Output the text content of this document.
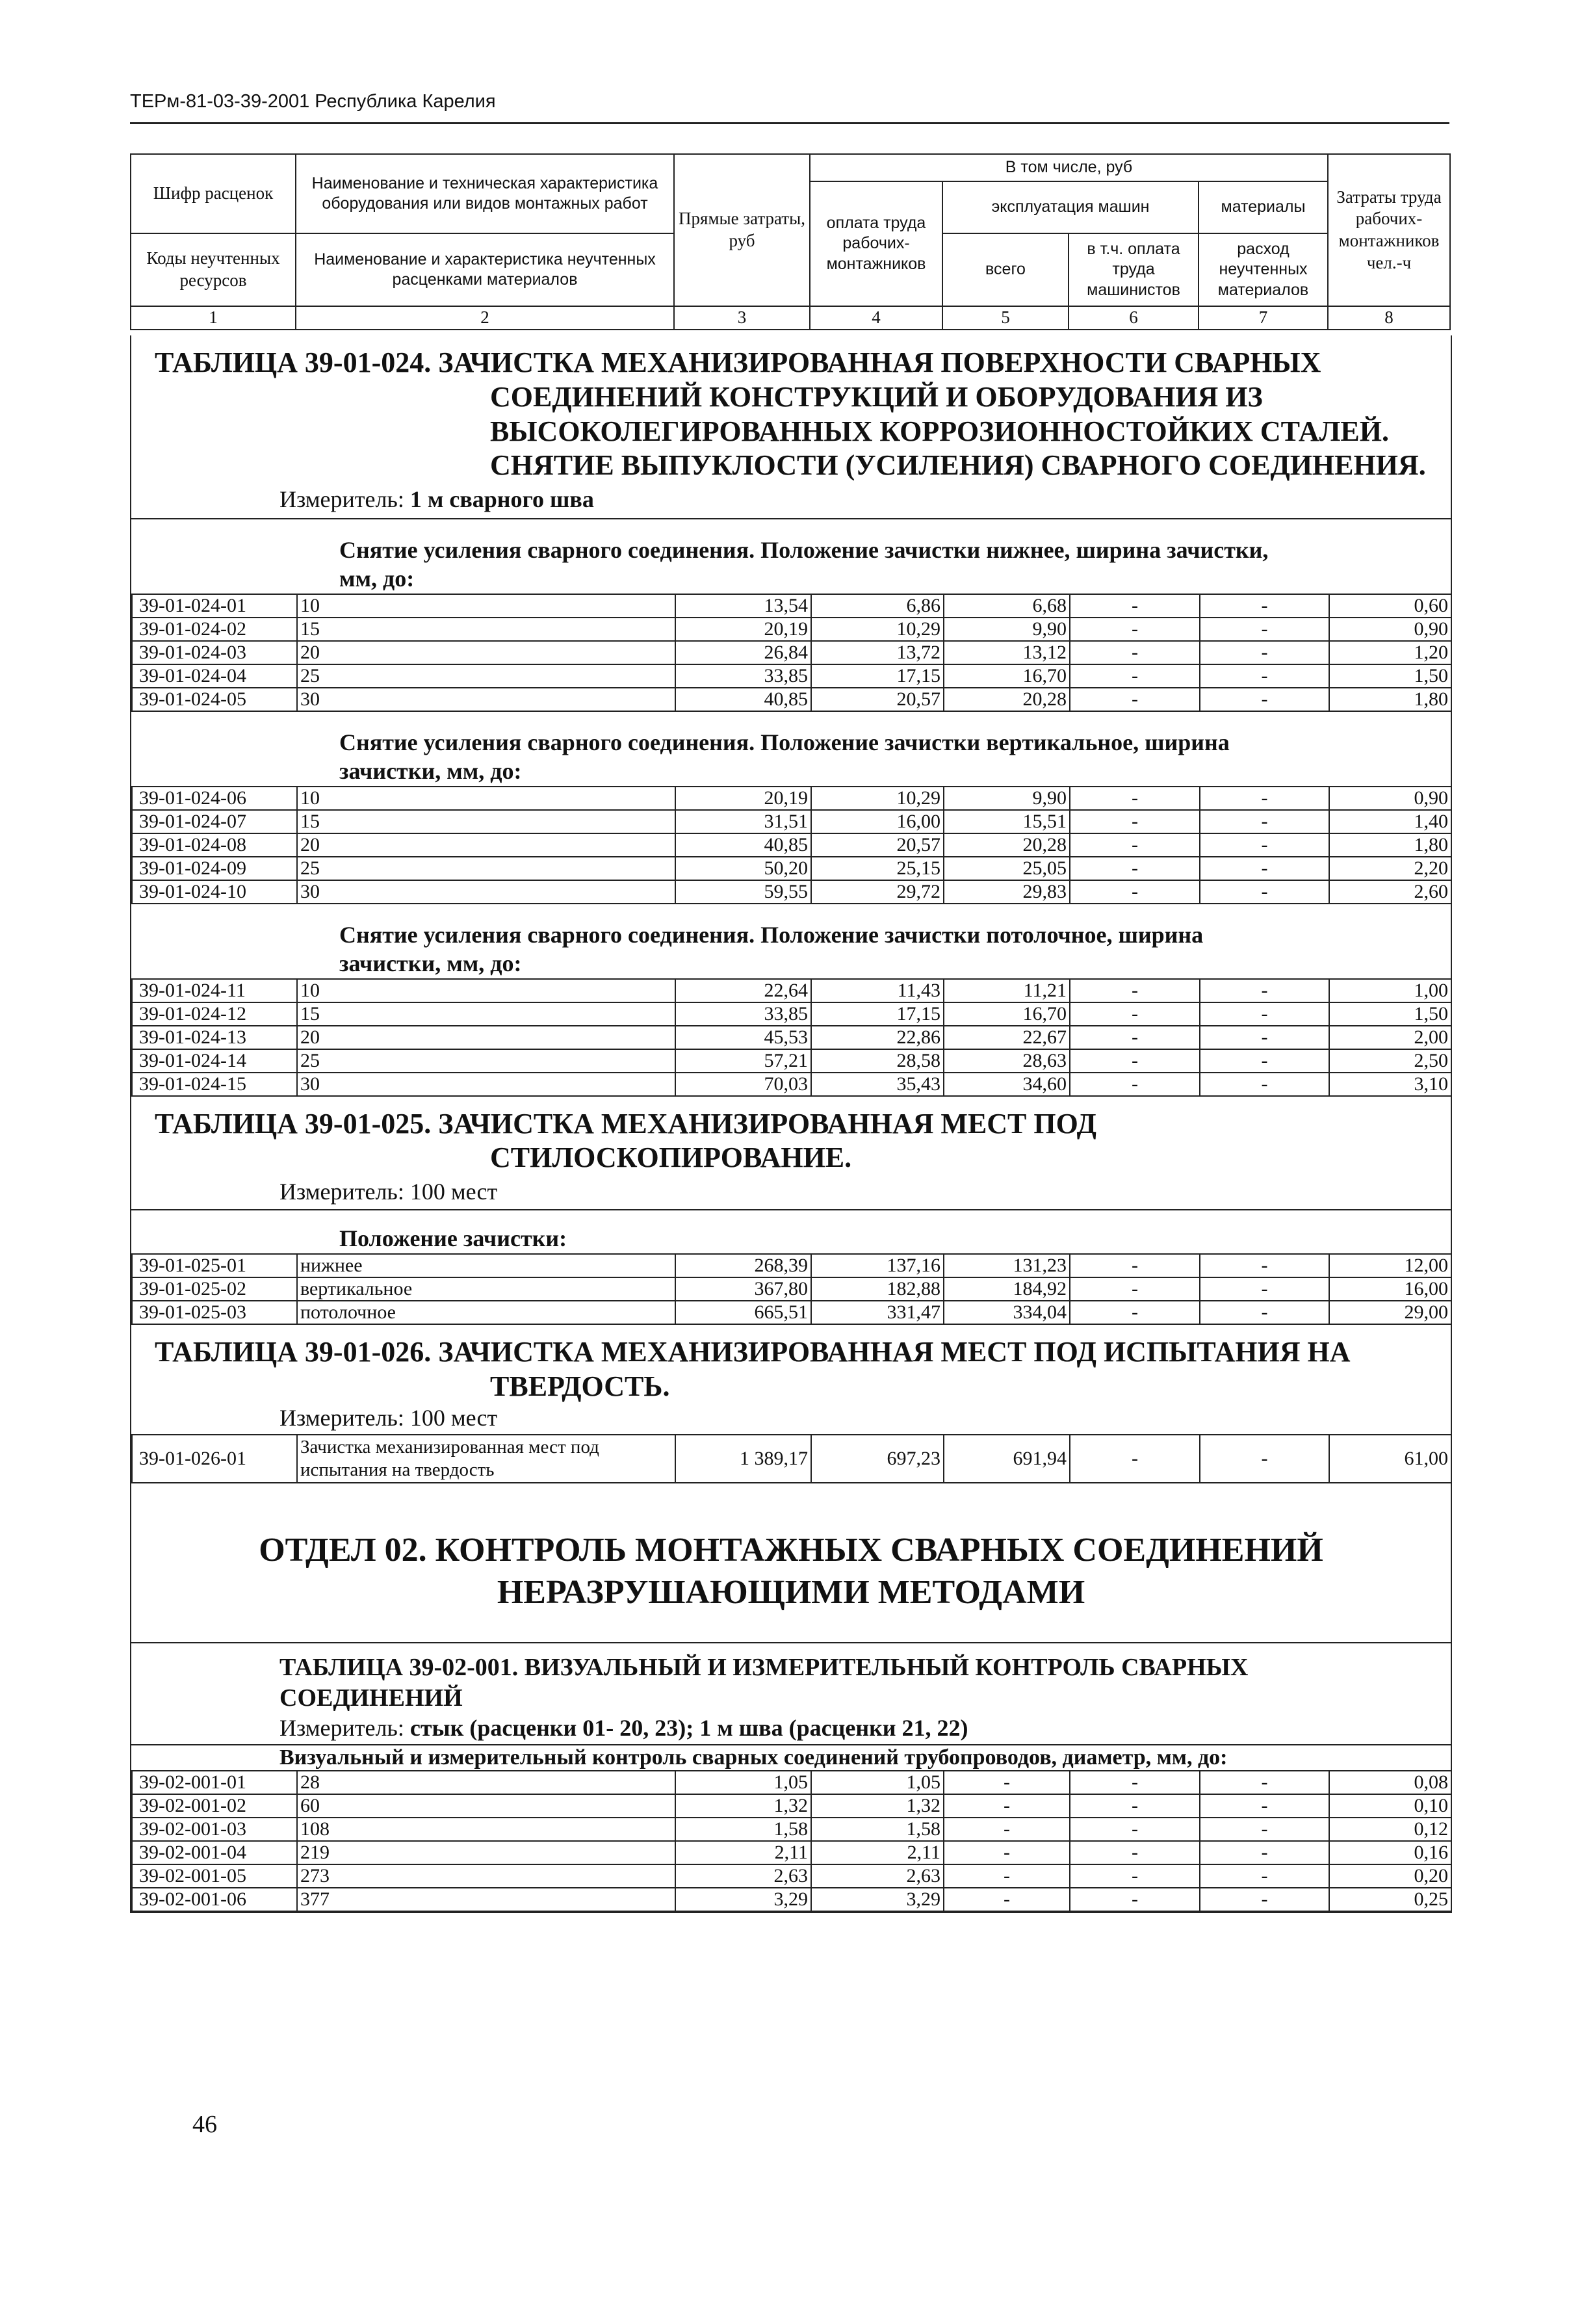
ТЕРм-81-03-39-2001 Республика Карелия
Шифр расценок	Наименование и техническая характеристика оборудования или видов монтажных работ	Прямые затраты, руб	В том числе, руб				Затраты труда рабочих-монтажников чел.-ч
			оплата труда рабочих-монтажников	эксплуатация машин		материалы	
Коды неучтенных ресурсов	Наименование и характеристика неучтенных расценками материалов			всего	в т.ч. оплата труда машинистов	расход неучтенных материалов	

1	2	3	4	5	6	7	8
ТАБЛИЦА 39-01-024. ЗАЧИСТКА МЕХАНИЗИРОВАННАЯ ПОВЕРХНОСТИ СВАРНЫХ
СОЕДИНЕНИЙ КОНСТРУКЦИЙ И ОБОРУДОВАНИЯ ИЗ
ВЫСОКОЛЕГИРОВАННЫХ КОРРОЗИОННОСТОЙКИХ СТАЛЕЙ.
СНЯТИЕ ВЫПУКЛОСТИ (УСИЛЕНИЯ) СВАРНОГО СОЕДИНЕНИЯ.
Измеритель: 1 м сварного шва
Снятие усиления сварного соединения. Положение зачистки нижнее, ширина зачистки,
мм, до:
39-01-024-01	10	13,54	6,86	6,68	-	-	0,60
39-01-024-02	15	20,19	10,29	9,90	-	-	0,90
39-01-024-03	20	26,84	13,72	13,12	-	-	1,20
39-01-024-04	25	33,85	17,15	16,70	-	-	1,50
39-01-024-05	30	40,85	20,57	20,28	-	-	1,80
Снятие усиления сварного соединения. Положение зачистки вертикальное, ширина
зачистки, мм, до:
39-01-024-06	10	20,19	10,29	9,90	-	-	0,90
39-01-024-07	15	31,51	16,00	15,51	-	-	1,40
39-01-024-08	20	40,85	20,57	20,28	-	-	1,80
39-01-024-09	25	50,20	25,15	25,05	-	-	2,20
39-01-024-10	30	59,55	29,72	29,83	-	-	2,60
Снятие усиления сварного соединения. Положение зачистки потолочное, ширина
зачистки, мм, до:
39-01-024-11	10	22,64	11,43	11,21	-	-	1,00
39-01-024-12	15	33,85	17,15	16,70	-	-	1,50
39-01-024-13	20	45,53	22,86	22,67	-	-	2,00
39-01-024-14	25	57,21	28,58	28,63	-	-	2,50
39-01-024-15	30	70,03	35,43	34,60	-	-	3,10
ТАБЛИЦА 39-01-025. ЗАЧИСТКА МЕХАНИЗИРОВАННАЯ МЕСТ ПОД
СТИЛОСКОПИРОВАНИЕ.
Измеритель: 100 мест
Положение зачистки:
39-01-025-01	нижнее	268,39	137,16	131,23	-	-	12,00
39-01-025-02	вертикальное	367,80	182,88	184,92	-	-	16,00
39-01-025-03	потолочное	665,51	331,47	334,04	-	-	29,00
ТАБЛИЦА 39-01-026. ЗАЧИСТКА МЕХАНИЗИРОВАННАЯ МЕСТ ПОД ИСПЫТАНИЯ НА
ТВЕРДОСТЬ.
Измеритель: 100 мест
39-01-026-01	Зачистка механизированная мест под испытания на твердость	1 389,17	697,23	691,94	-	-	61,00
ОТДЕЛ 02. КОНТРОЛЬ МОНТАЖНЫХ СВАРНЫХ СОЕДИНЕНИЙ
НЕРАЗРУШАЮЩИМИ МЕТОДАМИ
ТАБЛИЦА 39-02-001. ВИЗУАЛЬНЫЙ И ИЗМЕРИТЕЛЬНЫЙ КОНТРОЛЬ СВАРНЫХ
СОЕДИНЕНИЙ
Измеритель: стык (расценки 01- 20, 23); 1 м шва (расценки 21, 22)
Визуальный и измерительный контроль сварных соединений трубопроводов, диаметр, мм, до:
39-02-001-01	28	1,05	1,05	-	-	-	0,08
39-02-001-02	60	1,32	1,32	-	-	-	0,10
39-02-001-03	108	1,58	1,58	-	-	-	0,12
39-02-001-04	219	2,11	2,11	-	-	-	0,16
39-02-001-05	273	2,63	2,63	-	-	-	0,20
39-02-001-06	377	3,29	3,29	-	-	-	0,25
46
